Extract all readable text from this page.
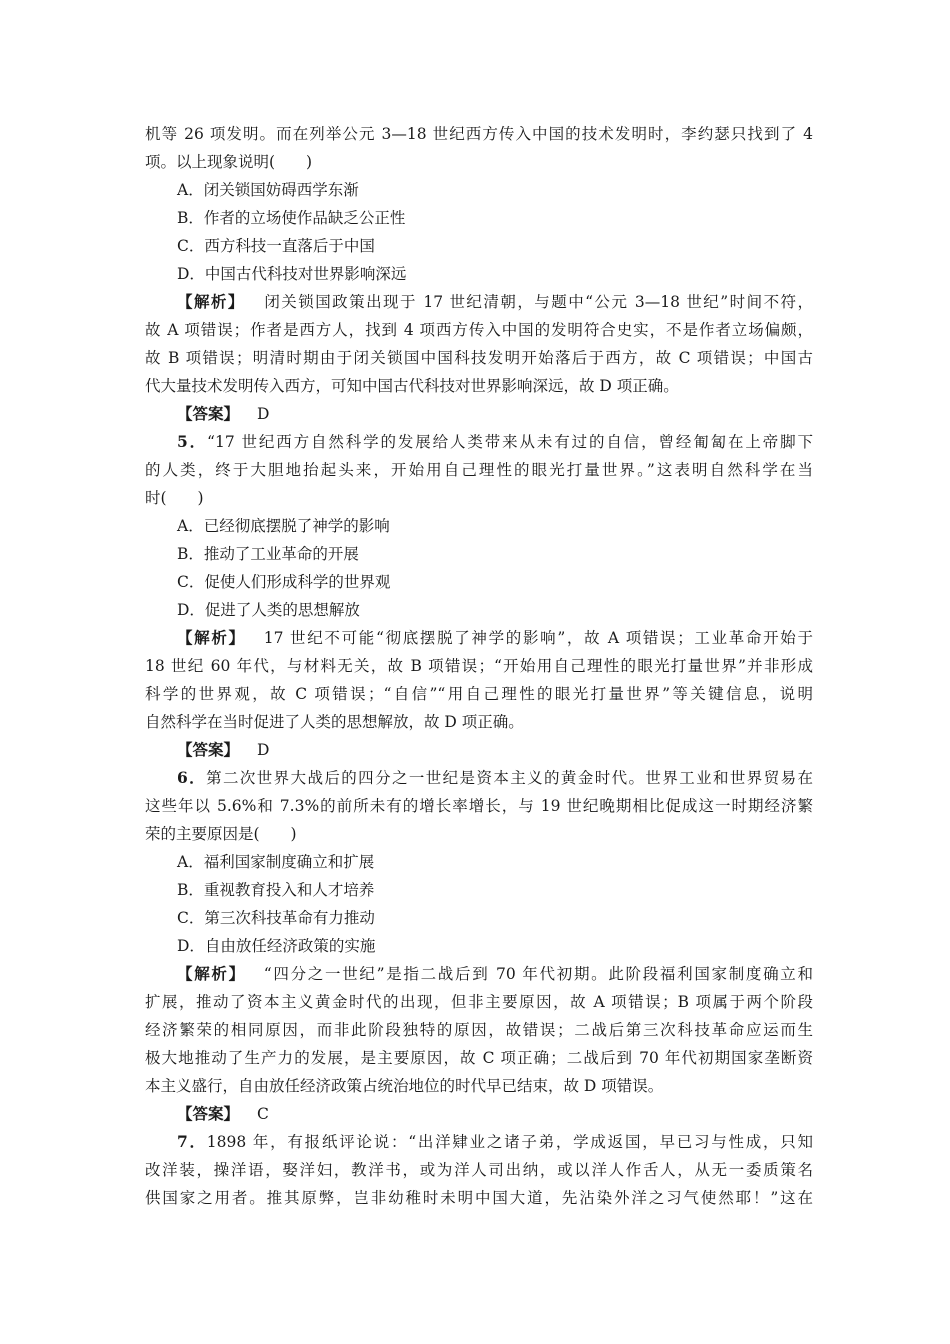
机等 26 项发明。而在列举公元 3—18 世纪西方传入中国的技术发明时，李约瑟只找到了 4
项。以上现象说明(　　)
A．闭关锁国妨碍西学东渐
B．作者的立场使作品缺乏公正性
C．西方科技一直落后于中国
D．中国古代科技对世界影响深远
【解析】 闭关锁国政策出现于 17 世纪清朝，与题中“公元 3—18 世纪”时间不符，
故 A 项错误；作者是西方人，找到 4 项西方传入中国的发明符合史实，不是作者立场偏颇，
故 B 项错误；明清时期由于闭关锁国中国科技发明开始落后于西方，故 C 项错误；中国古
代大量技术发明传入西方，可知中国古代科技对世界影响深远，故 D 项正确。
【答案】 D
5．“17 世纪西方自然科学的发展给人类带来从未有过的自信，曾经匍匐在上帝脚下
的人类，终于大胆地抬起头来，开始用自己理性的眼光打量世界。”这表明自然科学在当
时(　　)
A．已经彻底摆脱了神学的影响
B．推动了工业革命的开展
C．促使人们形成科学的世界观
D．促进了人类的思想解放
【解析】 17 世纪不可能“彻底摆脱了神学的影响”，故 A 项错误；工业革命开始于
18 世纪 60 年代，与材料无关，故 B 项错误；“开始用自己理性的眼光打量世界”并非形成
科学的世界观，故 C 项错误；“自信”“用自己理性的眼光打量世界”等关键信息，说明
自然科学在当时促进了人类的思想解放，故 D 项正确。
【答案】 D
6．第二次世界大战后的四分之一世纪是资本主义的黄金时代。世界工业和世界贸易在
这些年以 5.6%和 7.3%的前所未有的增长率增长，与 19 世纪晚期相比促成这一时期经济繁
荣的主要原因是(　　)
A．福利国家制度确立和扩展
B．重视教育投入和人才培养
C．第三次科技革命有力推动
D．自由放任经济政策的实施
【解析】 “四分之一世纪”是指二战后到 70 年代初期。此阶段福利国家制度确立和
扩展，推动了资本主义黄金时代的出现，但非主要原因，故 A 项错误；B 项属于两个阶段
经济繁荣的相同原因，而非此阶段独特的原因，故错误；二战后第三次科技革命应运而生
极大地推动了生产力的发展，是主要原因，故 C 项正确；二战后到 70 年代初期国家垄断资
本主义盛行，自由放任经济政策占统治地位的时代早已结束，故 D 项错误。
【答案】 C
7．1898 年，有报纸评论说：“出洋肄业之诸子弟，学成返国，早已习与性成，只知
改洋装，操洋语，娶洋妇，教洋书，或为洋人司出纳，或以洋人作舌人，从无一委质策名
供国家之用者。推其原弊，岂非幼稚时未明中国大道，先沾染外洋之习气使然耶！”这在
